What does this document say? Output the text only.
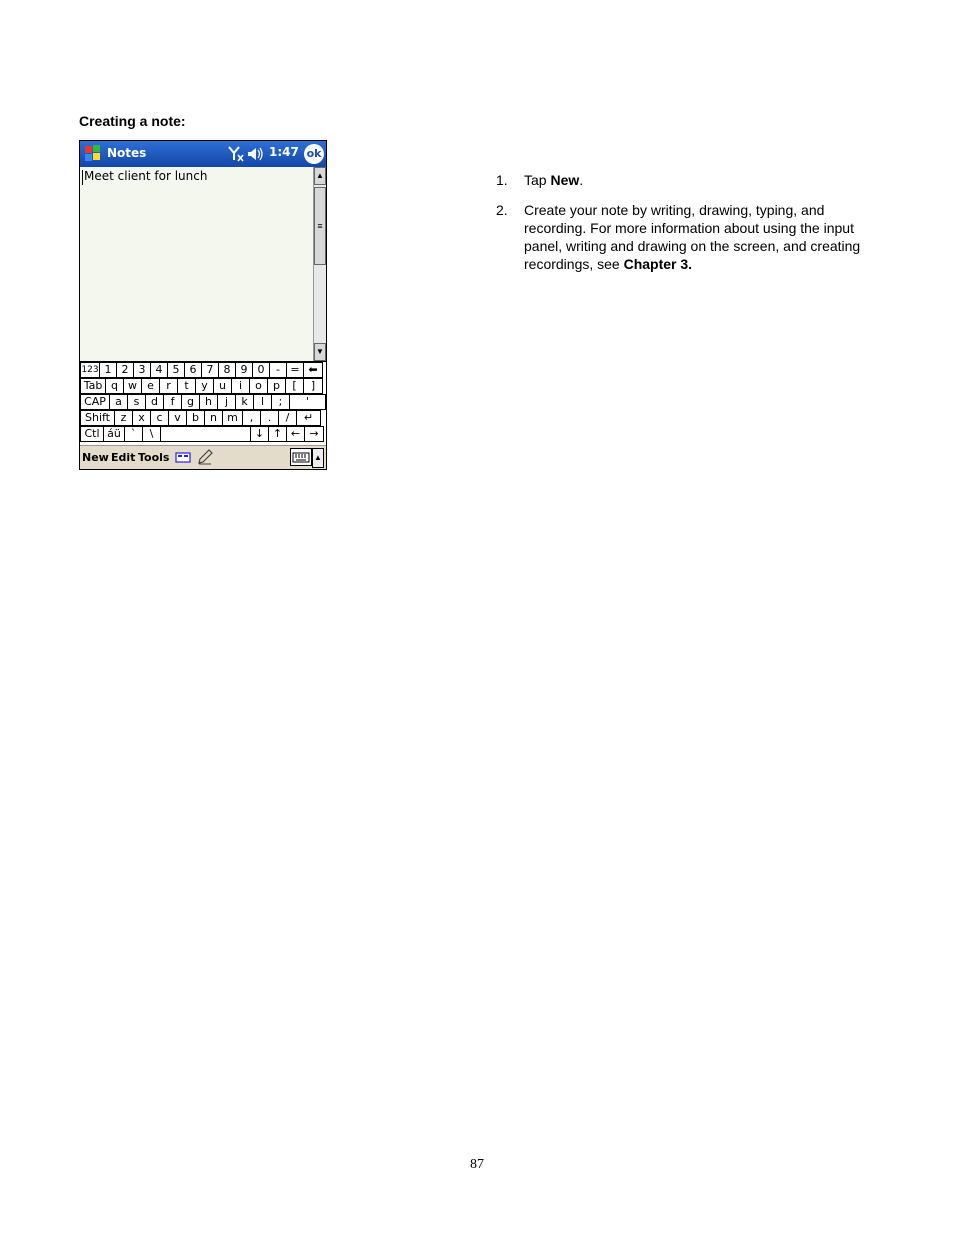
Creating a note:
Notes	1:47 ok
Meet client for lunch	▲
≡
▼
123 1 2 3 4 5 6 7 8 9 0	- = ⬅
Tab q w e	r	t	y	u	i	o	p	[	]
CAP a	s	d	f	g	h	j	k	l	;	'
Shift z	x	c	v	b	n m	,	.	/	↵
Ctl áü `	\	↓ ↑ ← →
New Edit Tools	▲
1. Tap New.
2. Create your note by writing, drawing, typing, and recording. For more information about using the input panel, writing and drawing on the screen, and creating recordings, see Chapter 3.
87
